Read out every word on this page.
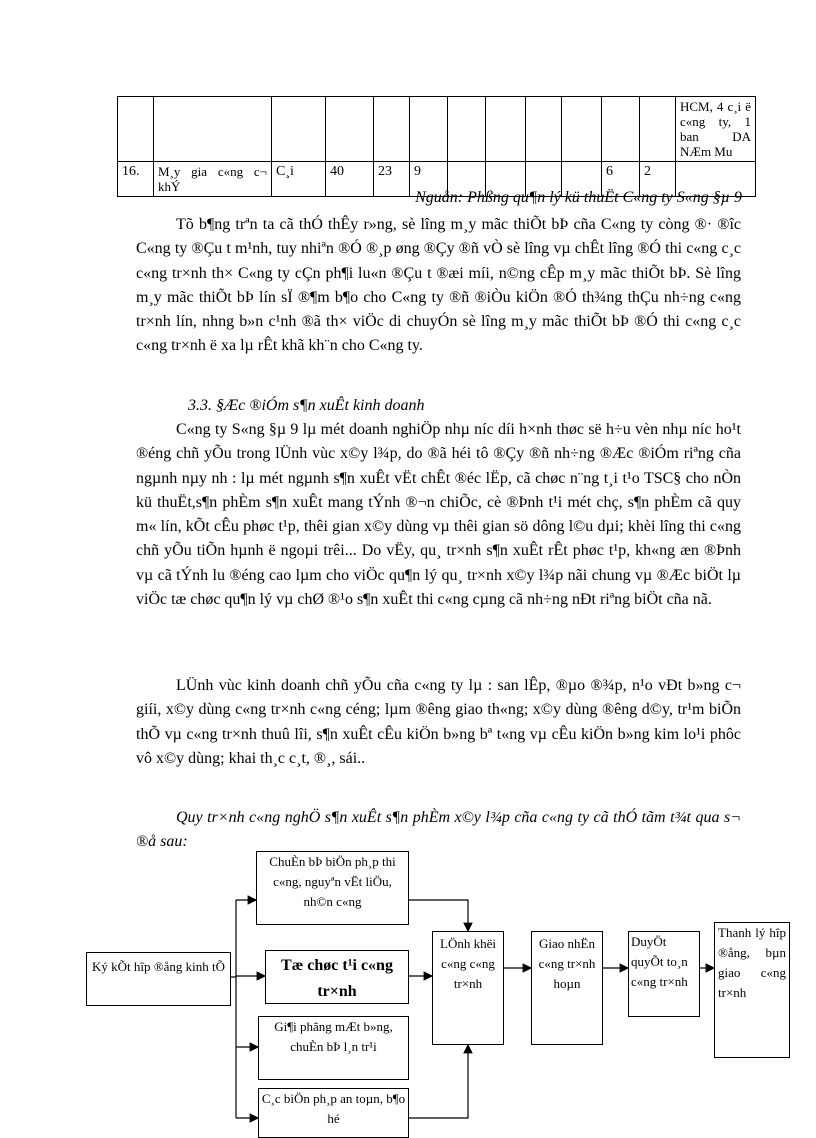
												HCM, 4 c¸i ë c«ng ty, 1 ban DA NÆm Mu
16.	M¸y gia c«ng c¬ khÝ	C¸i	40	23	9					6	2	
Nguån: Phßng qu¶n lý kü thuËt C«ng ty S«ng §µ 9

Tõ b¶ng trªn ta cã thÓ thÊy r»ng, sè lîng m¸y mãc thiÕt bÞ cña C«ng ty còng ®· ®îc C«ng ty ®Çu t m¹nh, tuy nhiªn ®Ó ®¸p øng ®Çy ®ñ vÒ sè lîng vµ chÊt lîng ®Ó thi c«ng c¸c c«ng tr×nh th× C«ng ty cÇn ph¶i lu«n ®Çu t ®æi míi, n©ng cÊp m¸y mãc thiÕt bÞ. Sè lîng m¸y mãc thiÕt bÞ lín sÏ ®¶m b¶o cho C«ng ty ®ñ ®iÒu kiÖn ®Ó th¾ng thÇu nh÷ng c«ng tr×nh lín, nhng b»n c¹nh ®ã th× viÖc di chuyÓn sè lîng m¸y mãc thiÕt bÞ ®Ó thi c«ng c¸c c«ng tr×nh ë xa lµ rÊt khã kh¨n cho C«ng ty.

3.3. §Æc ®iÓm s¶n xuÊt kinh doanh

C«ng ty S«ng §µ 9 lµ mét doanh nghiÖp nhµ níc díi h×nh thøc së h÷u vèn nhµ níc ho¹t ®éng chñ yÕu trong lÜnh vùc x©y l¾p, do ®ã héi tô ®Çy ®ñ nh÷ng ®Æc ®iÓm riªng cña ngµnh nµy nh : lµ mét ngµnh s¶n xuÊt vËt chÊt ®éc lËp, cã chøc n¨ng t¸i t¹o TSC§ cho nÒn kü thuËt,s¶n phÈm s¶n xuÊt mang tÝnh ®¬n chiÕc, cè ®Þnh t¹i mét chç, s¶n phÈm cã quy m« lín, kÕt cÊu phøc t¹p, thêi gian x©y dùng vµ thêi gian sö dông l©u dµi; khèi lîng thi c«ng chñ yÕu tiÕn hµnh ë ngoµi trêi... Do vËy, qu¸ tr×nh s¶n xuÊt rÊt phøc t¹p, kh«ng æn ®Þnh vµ cã tÝnh lu ®éng cao lµm cho viÖc qu¶n lý qu¸ tr×nh x©y l¾p nãi chung vµ ®Æc biÖt lµ viÖc tæ chøc qu¶n lý vµ chØ ®¹o s¶n xuÊt thi c«ng cµng cã nh÷ng nÐt riªng biÖt cña nã.

LÜnh vùc kinh doanh chñ yÕu cña c«ng ty lµ : san lÊp, ®µo ®¾p, n¹o vÐt b»ng c¬ giíi, x©y dùng c«ng tr×nh c«ng céng; lµm ®êng giao th«ng; x©y dùng ®êng d©y, tr¹m biÕn thÕ vµ c«ng tr×nh thuû lîi, s¶n xuÊt cÊu kiÖn b»ng bª t«ng vµ cÊu kiÖn b»ng kim lo¹i phôc vô x©y dùng; khai th¸c c¸t, ®¸, sái..

Quy tr×nh c«ng nghÖ s¶n xuÊt s¶n phÈm x©y l¾p cña c«ng ty cã thÓ tãm t¾t qua s¬ ®å sau:

Ký kÕt hîp ®ång kinh tÕ
ChuÈn bÞ biÖn ph¸p thi c«ng, nguyªn vËt liÖu, nh©n c«ng
Tæ chøc t¹i c«ng tr×nh
Gi¶i phãng mÆt b»ng, chuÈn bÞ l¸n tr¹i
C¸c biÖn ph¸p an toµn, b¶o hé
LÖnh khëi c«ng c«ng tr×nh
Giao nhËn c«ng tr×nh hoµn
DuyÖt quyÕt to¸n c«ng tr×nh
Thanh lý hîp ®ång, bµn giao c«ng tr×nh
